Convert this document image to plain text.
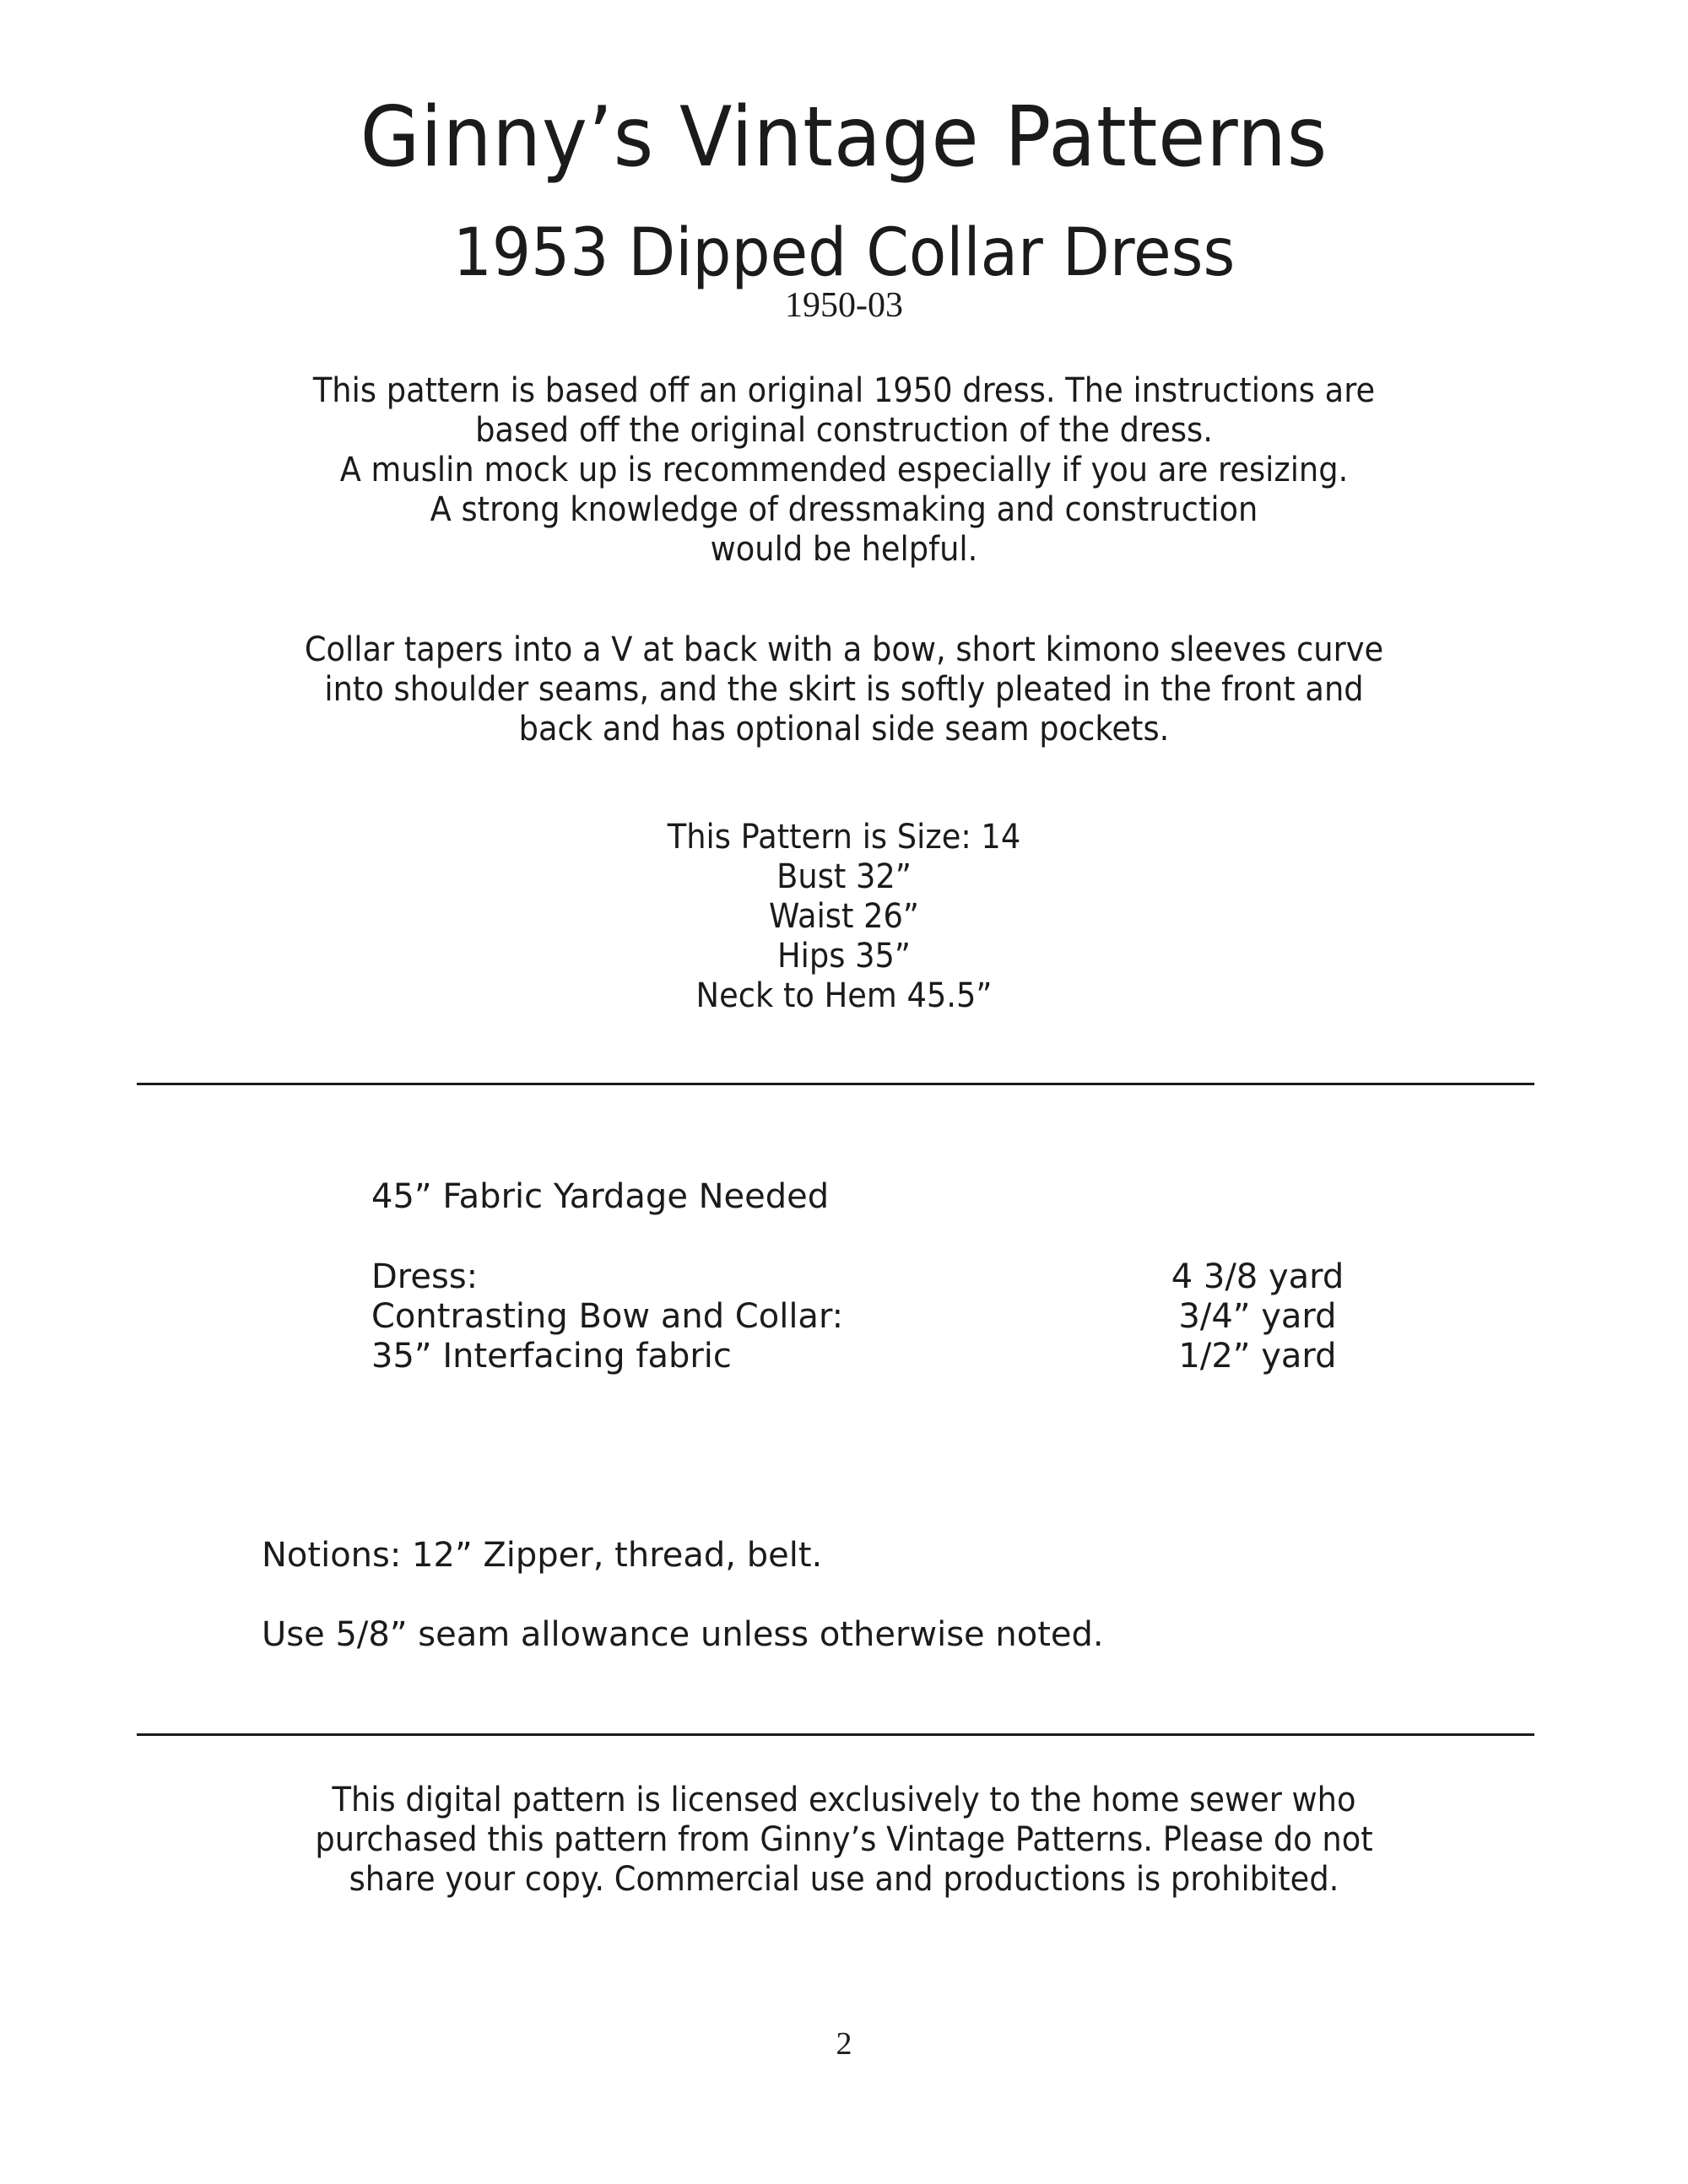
Ginny’s Vintage Patterns
1953 Dipped Collar Dress
1950-03
This pattern is based off an original 1950 dress. The instructions are
based off the original construction of the dress.
A muslin mock up is recommended especially if you are resizing.
A strong knowledge of dressmaking and construction
would be helpful.
Collar tapers into a V at back with a bow, short kimono sleeves curve
into shoulder seams, and the skirt is softly pleated in the front and
back and has optional side seam pockets.
This Pattern is Size: 14
Bust 32”
Waist 26”
Hips 35”
Neck to Hem 45.5”
45” Fabric Yardage Needed
Dress:	4 3/8 yard
Contrasting Bow and Collar:	3/4” yard
35” Interfacing fabric	1/2” yard
Notions: 12” Zipper, thread, belt.
Use 5/8” seam allowance unless otherwise noted.
This digital pattern is licensed exclusively to the home sewer who
purchased this pattern from Ginny’s Vintage Patterns. Please do not
share your copy. Commercial use and productions is prohibited.
2
